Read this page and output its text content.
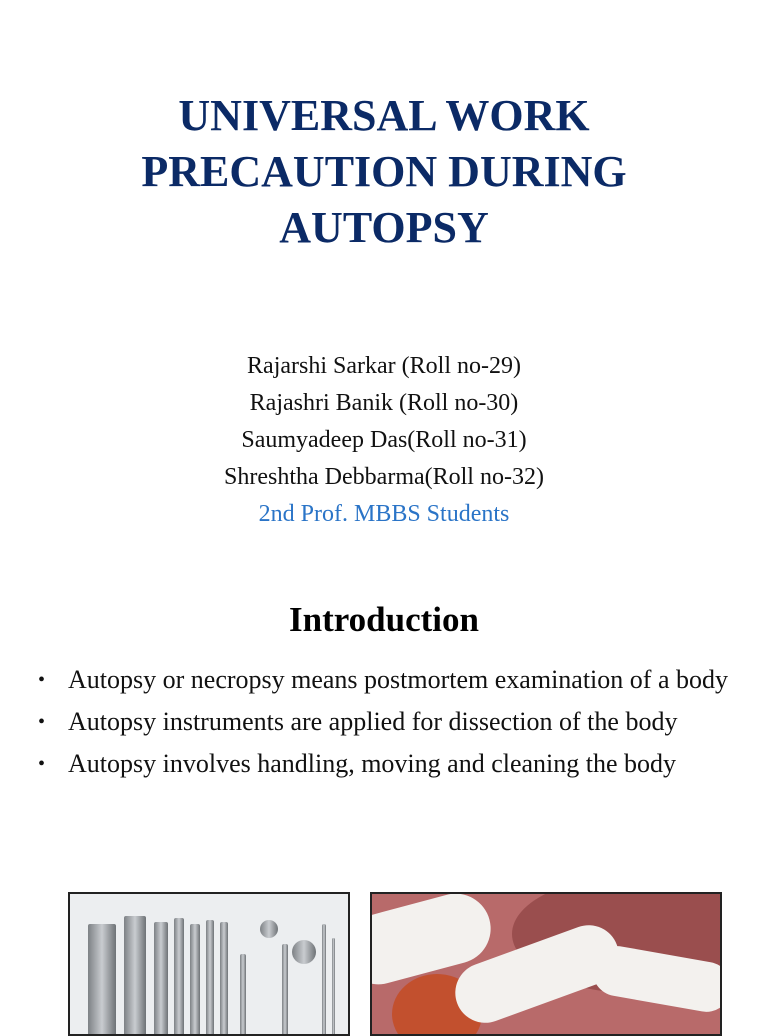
UNIVERSAL WORK
PRECAUTION DURING
AUTOPSY
Rajarshi Sarkar (Roll no-29)
Rajashri Banik (Roll no-30)
Saumyadeep Das(Roll no-31)
Shreshtha Debbarma(Roll no-32)
2nd Prof. MBBS Students
Introduction
• Autopsy or necropsy means postmortem examination of a body
• Autopsy instruments are applied for dissection of the body
• Autopsy involves handling, moving and cleaning the body
